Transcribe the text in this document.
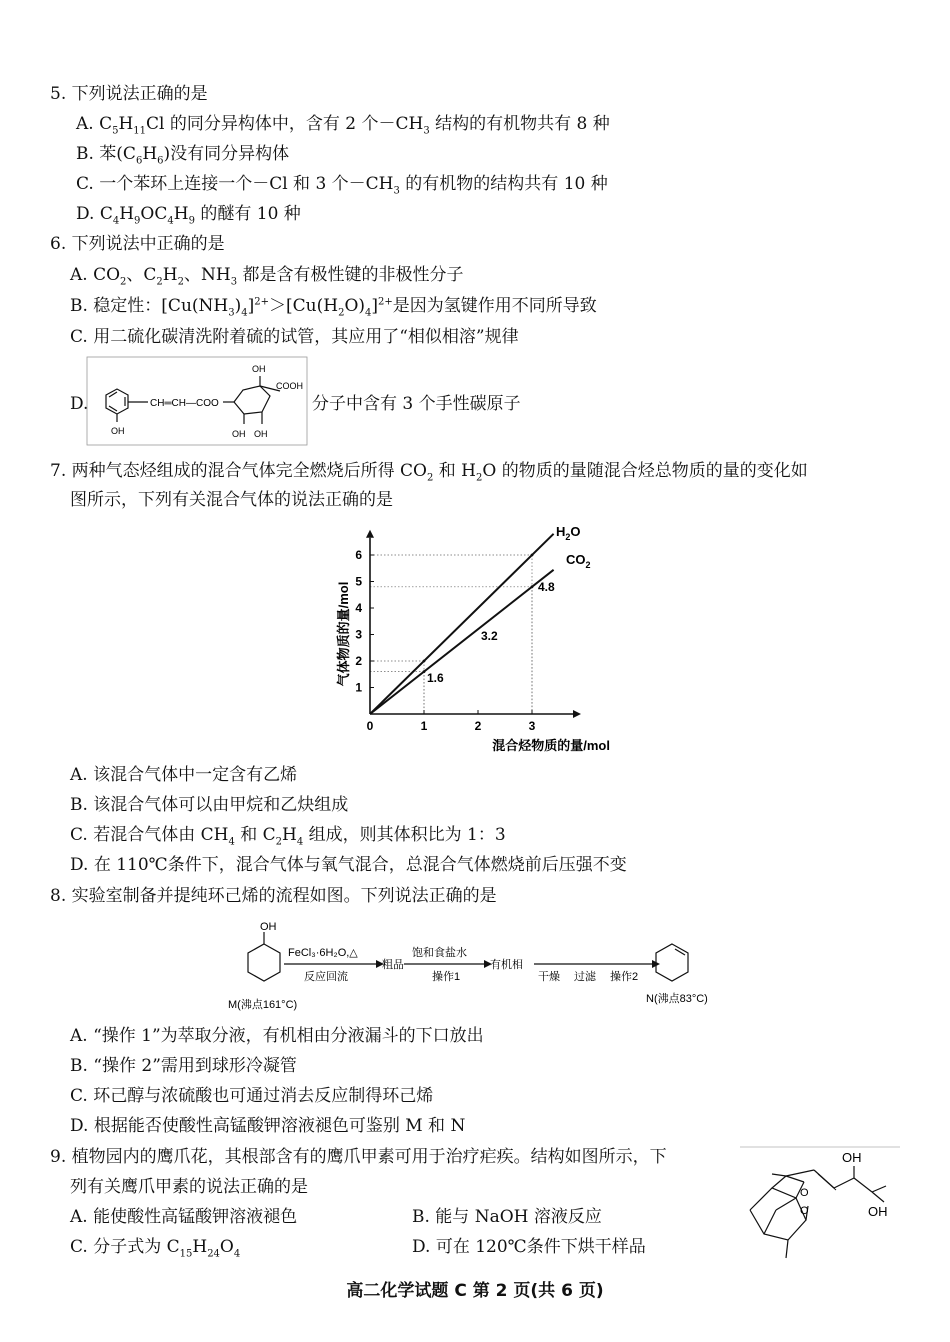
5. 下列说法正确的是
A. $C_5H_{11}Cl$ 的同分异构体中，含有 2 个$-CH_3$ 结构的有机物共有 8 种
B. 苯$(C_6H_6)$没有同分异构体
C. 一个苯环上连接一个－Cl 和 3 个$-CH_3$ 的有机物的结构共有 10 种
D. $C_4H_9OC_4H_9$ 的醚有 10 种
6. 下列说法中正确的是
A. $CO_2$、$C_2H_2$、$NH_3$ 都是含有极性键的非极性分子
B. 稳定性：$[Cu(NH_3)_4]^{2+}>[Cu(H_2O)_4]^{2+}$是因为氢键作用不同所导致
C. 用二硫化碳清洗附着硫的试管，其应用了“相似相溶”规律
D.
OH
CH═CH—COO
OH
COOH
OH
OH
分子中含有 3 个手性碳原子
7. 两种气态烃组成的混合气体完全燃烧后所得 $CO_2$ 和 $H_2O$ 的物质的量随混合烃总物质的量的变化如
图所示，下列有关混合气体的说法正确的是
0	1	2	3
1
2
3
4
5
6
气体物质的量/mol
混合烃物质的量/mol
$H_2O$
$CO_2$
1.6
3.2
4.8
A. 该混合气体中一定含有乙烯
B. 该混合气体可以由甲烷和乙炔组成
C. 若混合气体由 $CH_4$ 和 $C_2H_4$ 组成，则其体积比为 1：3
D. 在 110℃条件下，混合气体与氧气混合，总混合气体燃烧前后压强不变
8. 实验室制备并提纯环己烯的流程如图。下列说法正确的是
OH
FeCl₃·6H₂O,△
反应回流
粗品
饱和食盐水
操作1
有机相
干燥 过滤 操作2
M(沸点161°C)	N(沸点83°C)
A. “操作 1”为萃取分液，有机相由分液漏斗的下口放出
B. “操作 2”需用到球形冷凝管
C. 环己醇与浓硫酸也可通过消去反应制得环己烯
D. 根据能否使酸性高锰酸钾溶液褪色可鉴别 M 和 N
9. 植物园内的鹰爪花，其根部含有的鹰爪甲素可用于治疗疟疾。结构如图所示，下
列有关鹰爪甲素的说法正确的是
A. 能使酸性高锰酸钾溶液褪色	B. 能与 NaOH 溶液反应
C. 分子式为 $C_{15}H_{24}O_4$	D. 可在 120℃条件下烘干样品
OH
OH
O
O
高二化学试题 C 第 2 页(共 6 页)
